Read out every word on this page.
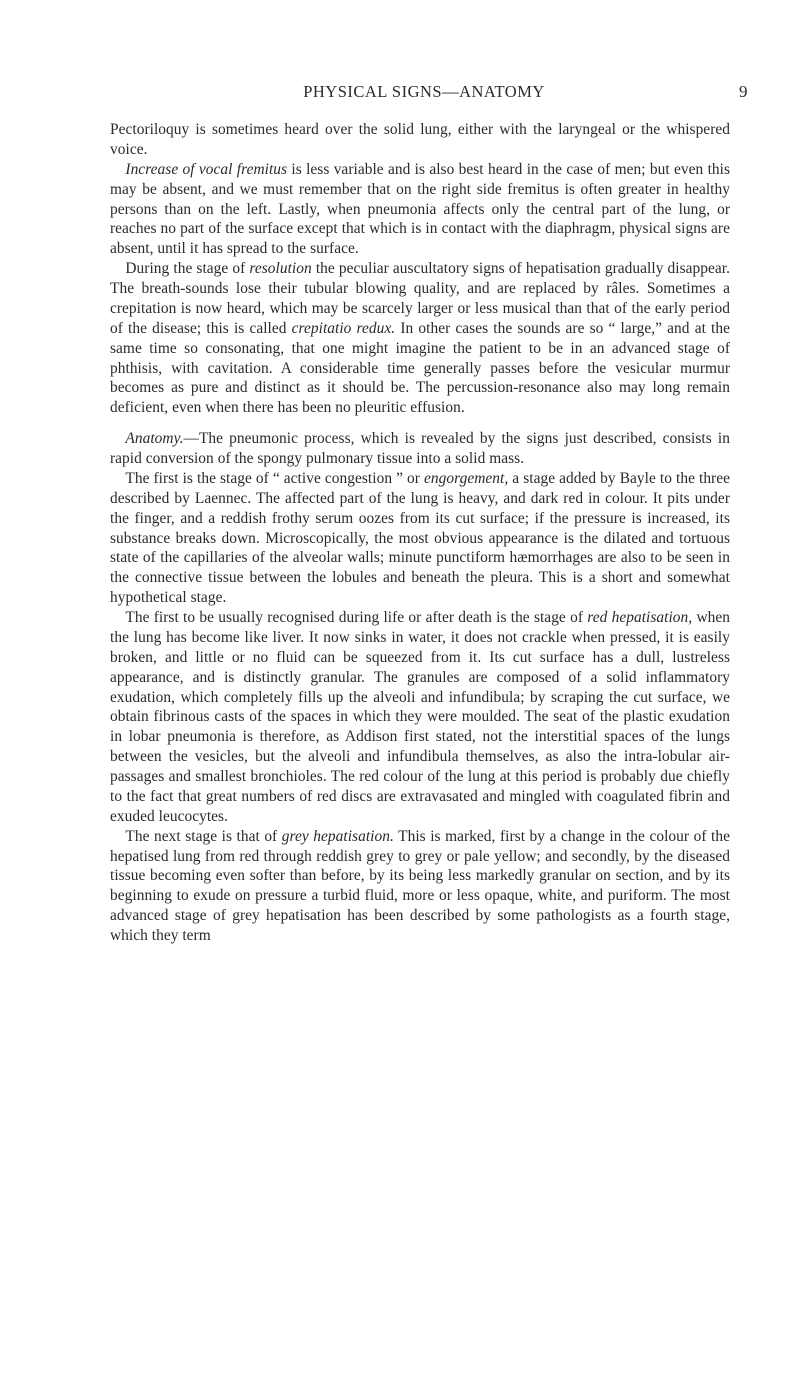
PHYSICAL SIGNS—ANATOMY	9

Pectoriloquy is sometimes heard over the solid lung, either with the laryngeal or the whispered voice.

Increase of vocal fremitus is less variable and is also best heard in the case of men; but even this may be absent, and we must remember that on the right side fremitus is often greater in healthy persons than on the left. Lastly, when pneumonia affects only the central part of the lung, or reaches no part of the surface except that which is in contact with the diaphragm, physical signs are absent, until it has spread to the surface.

During the stage of resolution the peculiar auscultatory signs of hepatisation gradually disappear. The breath-sounds lose their tubular blowing quality, and are replaced by râles. Sometimes a crepitation is now heard, which may be scarcely larger or less musical than that of the early period of the disease; this is called crepitatio redux. In other cases the sounds are so “ large,” and at the same time so consonating, that one might imagine the patient to be in an advanced stage of phthisis, with cavitation. A considerable time generally passes before the vesicular murmur becomes as pure and distinct as it should be. The percussion-resonance also may long remain deficient, even when there has been no pleuritic effusion.

Anatomy.—The pneumonic process, which is revealed by the signs just described, consists in rapid conversion of the spongy pulmonary tissue into a solid mass.

The first is the stage of “ active congestion ” or engorgement, a stage added by Bayle to the three described by Laennec. The affected part of the lung is heavy, and dark red in colour. It pits under the finger, and a reddish frothy serum oozes from its cut surface; if the pressure is increased, its substance breaks down. Microscopically, the most obvious appearance is the dilated and tortuous state of the capillaries of the alveolar walls; minute punctiform hæmorrhages are also to be seen in the connective tissue between the lobules and beneath the pleura. This is a short and somewhat hypothetical stage.

The first to be usually recognised during life or after death is the stage of red hepatisation, when the lung has become like liver. It now sinks in water, it does not crackle when pressed, it is easily broken, and little or no fluid can be squeezed from it. Its cut surface has a dull, lustreless appearance, and is distinctly granular. The granules are composed of a solid inflammatory exudation, which completely fills up the alveoli and infundibula; by scraping the cut surface, we obtain fibrinous casts of the spaces in which they were moulded. The seat of the plastic exudation in lobar pneumonia is therefore, as Addison first stated, not the interstitial spaces of the lungs between the vesicles, but the alveoli and infundibula themselves, as also the intra-lobular air-passages and smallest bronchioles. The red colour of the lung at this period is probably due chiefly to the fact that great numbers of red discs are extravasated and mingled with coagulated fibrin and exuded leucocytes.

The next stage is that of grey hepatisation. This is marked, first by a change in the colour of the hepatised lung from red through reddish grey to grey or pale yellow; and secondly, by the diseased tissue becoming even softer than before, by its being less markedly granular on section, and by its beginning to exude on pressure a turbid fluid, more or less opaque, white, and puriform. The most advanced stage of grey hepatisation has been described by some pathologists as a fourth stage, which they term
